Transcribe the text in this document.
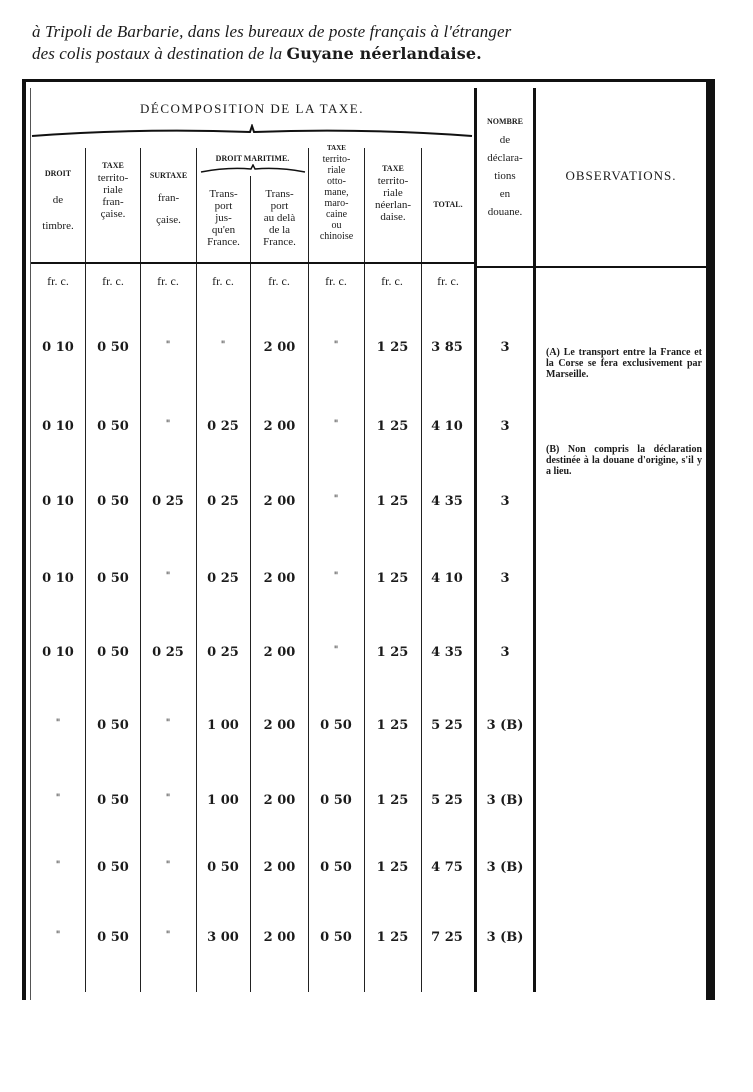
à Tripoli de Barbarie, dans les bureaux de poste français à l'étranger
des colis postaux à destination de la Guyane néerlandaise.
DÉCOMPOSITION DE LA TAXE.
DROIT
de
timbre.
TAXE
territo-
riale
fran-
çaise.
SURTAXE
fran-
çaise.
DROIT MARITIME.
Trans-
port
jus-
qu'en
France.
Trans-
port
au delà
de la
France.
TAXE
territo-
riale
otto-
mane,
maro-
caine
ou
chinoise
TAXE
territo-
riale
néerlan-
daise.
TOTAL.
NOMBRE
de
déclara-
tions
en
douane.
OBSERVATIONS.
fr. c.	fr. c.	fr. c.	fr. c.	fr. c.	fr. c.	fr. c.	fr. c.
0 10	0 50	"	"	2 00	"	1 25	3 85	3
0 10	0 50	"	0 25	2 00	"	1 25	4 10	3
0 10	0 50	0 25	0 25	2 00	"	1 25	4 35	3
0 10	0 50	"	0 25	2 00	"	1 25	4 10	3
0 10	0 50	0 25	0 25	2 00	"	1 25	4 35	3
"	0 50	"	1 00	2 00	0 50	1 25	5 25	3 (B)
"	0 50	"	1 00	2 00	0 50	1 25	5 25	3 (B)
"	0 50	"	0 50	2 00	0 50	1 25	4 75	3 (B)
"	0 50	"	3 00	2 00	0 50	1 25	7 25	3 (B)
(A) Le transport entre la France et la Corse se fera exclusivement par Marseille.
(B) Non compris la déclaration destinée à la douane d'origine, s'il y a lieu.
